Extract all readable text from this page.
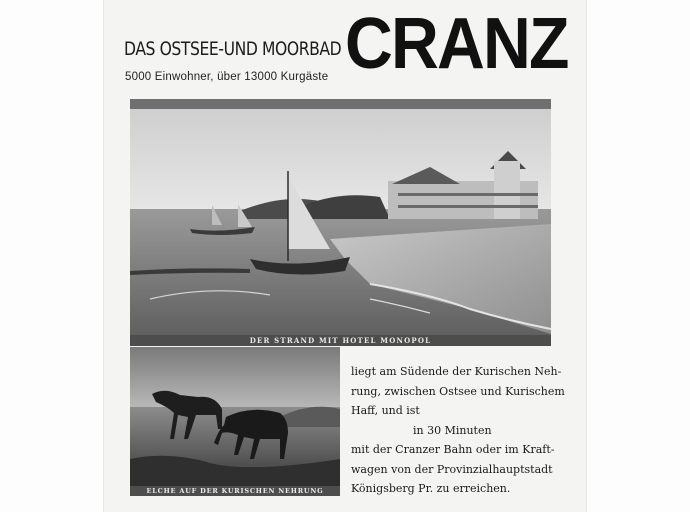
DAS OSTSEE-UND MOORBAD
5000 Einwohner, über 13000 Kurgäste CRANZ
DER STRAND MIT HOTEL MONOPOL
ELCHE AUF DER KURISCHEN NEHRUNG
liegt am Südende der Kurischen Neh-
rung, zwischen Ostsee und Kurischem
Haff, und ist
in 30 Minuten
mit der Cranzer Bahn oder im Kraft-
wagen von der Provinzialhauptstadt
Königsberg Pr. zu erreichen.
